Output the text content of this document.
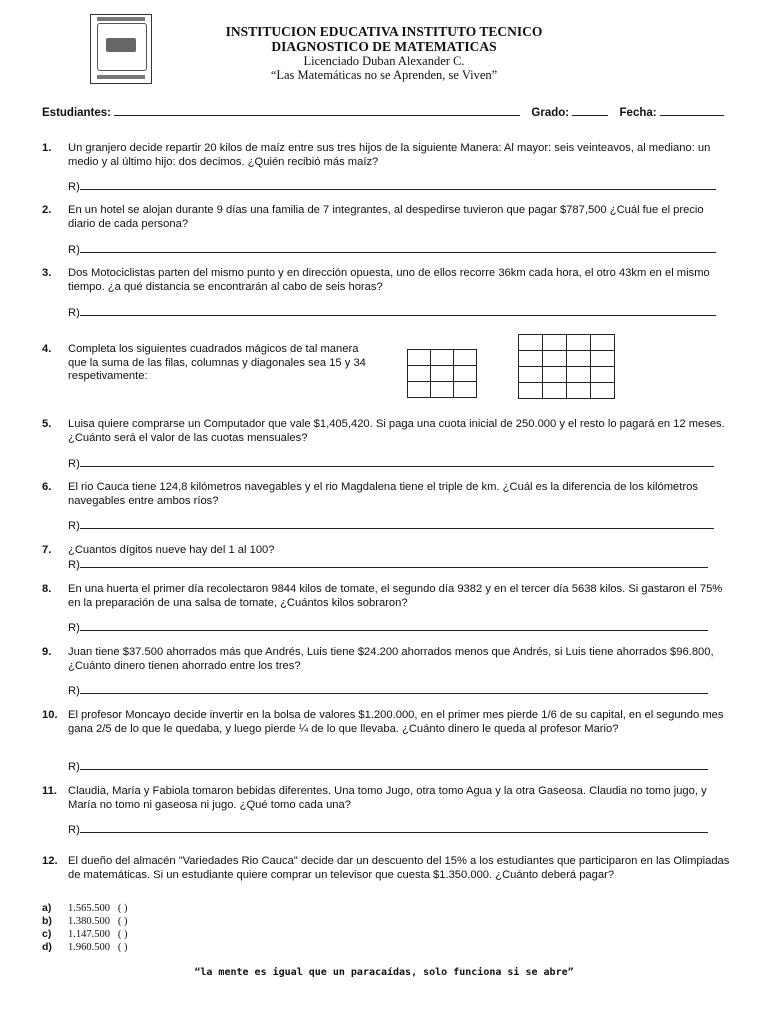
INSTITUCION EDUCATIVA INSTITUTO TECNICO
DIAGNOSTICO DE MATEMATICAS
Licenciado Duban Alexander C.
“Las Matemáticas no se Aprenden, se Viven”
Estudiantes:	Grado:	Fecha:
1.	Un granjero decide repartir 20 kilos de maíz entre sus tres hijos de la siguiente Manera: Al mayor: seis veinteavos, al mediano: un medio y al último hijo: dos decimos. ¿Quién recibió más maíz?
R)
2.	En un hotel se alojan durante 9 días una familia de 7 integrantes, al despedirse tuvieron que pagar $787,500 ¿Cuál fue el precio diario de cada persona?
R)
3.	Dos Motociclistas parten del mismo punto y en dirección opuesta, uno de ellos recorre 36km cada hora, el otro 43km en el mismo tiempo. ¿a qué distancia se encontrarán al cabo de seis horas?
R)
4.	Completa los siguientes cuadrados mágicos de tal manera que la suma de las filas, columnas y diagonales sea 15 y 34 respetivamente:

5.	Luisa quiere comprarse un Computador que vale $1,405,420. Si paga una cuota inicial de 250.000 y el resto lo pagará en 12 meses. ¿Cuánto será el valor de las cuotas mensuales?
R)
6.	El rio Cauca tiene 124,8 kilómetros navegables y el rio Magdalena tiene el triple de km. ¿Cuál es la diferencia de los kilómetros navegables entre ambos ríos?
R)
7.	¿Cuantos dígitos nueve hay del 1 al 100?
R)
8.	En una huerta el primer día recolectaron 9844 kilos de tomate, el segundo día 9382 y en el tercer día 5638 kilos. Si gastaron el 75% en la preparación de una salsa de tomate, ¿Cuántos kilos sobraron?
R)
9.	Juan tiene $37.500 ahorrados más que Andrés, Luis tiene $24.200 ahorrados menos que Andrés, si Luis tiene ahorrados $96.800, ¿Cuánto dinero tienen ahorrado entre los tres?
R)
10. El profesor Moncayo decide invertir en la bolsa de valores $1.200.000, en el primer mes pierde 1/6 de su capital, en el segundo mes gana 2/5 de lo que le quedaba, y luego pierde ¼ de lo que llevaba. ¿Cuánto dinero le queda al profesor Mario?
R)
11. Claudia, María y Fabiola tomaron bebidas diferentes. Una tomo Jugo, otra tomo Agua y la otra Gaseosa. Claudia no tomo jugo, y María no tomo ni gaseosa ni jugo. ¿Qué tomo cada una?
R)
12. El dueño del almacén "Variedades Rio Cauca" decide dar un descuento del 15% a los estudiantes que participaron en las Olimpiadas de matemáticas. Si un estudiante quiere comprar un televisor que cuesta $1.350.000. ¿Cuánto deberá pagar?
a) 1.565.500 ( )
b) 1.380.500 ( )
c) 1.147.500 ( )
d) 1.960.500 ( )
“la mente es igual que un paracaídas, solo funciona si se abre”
